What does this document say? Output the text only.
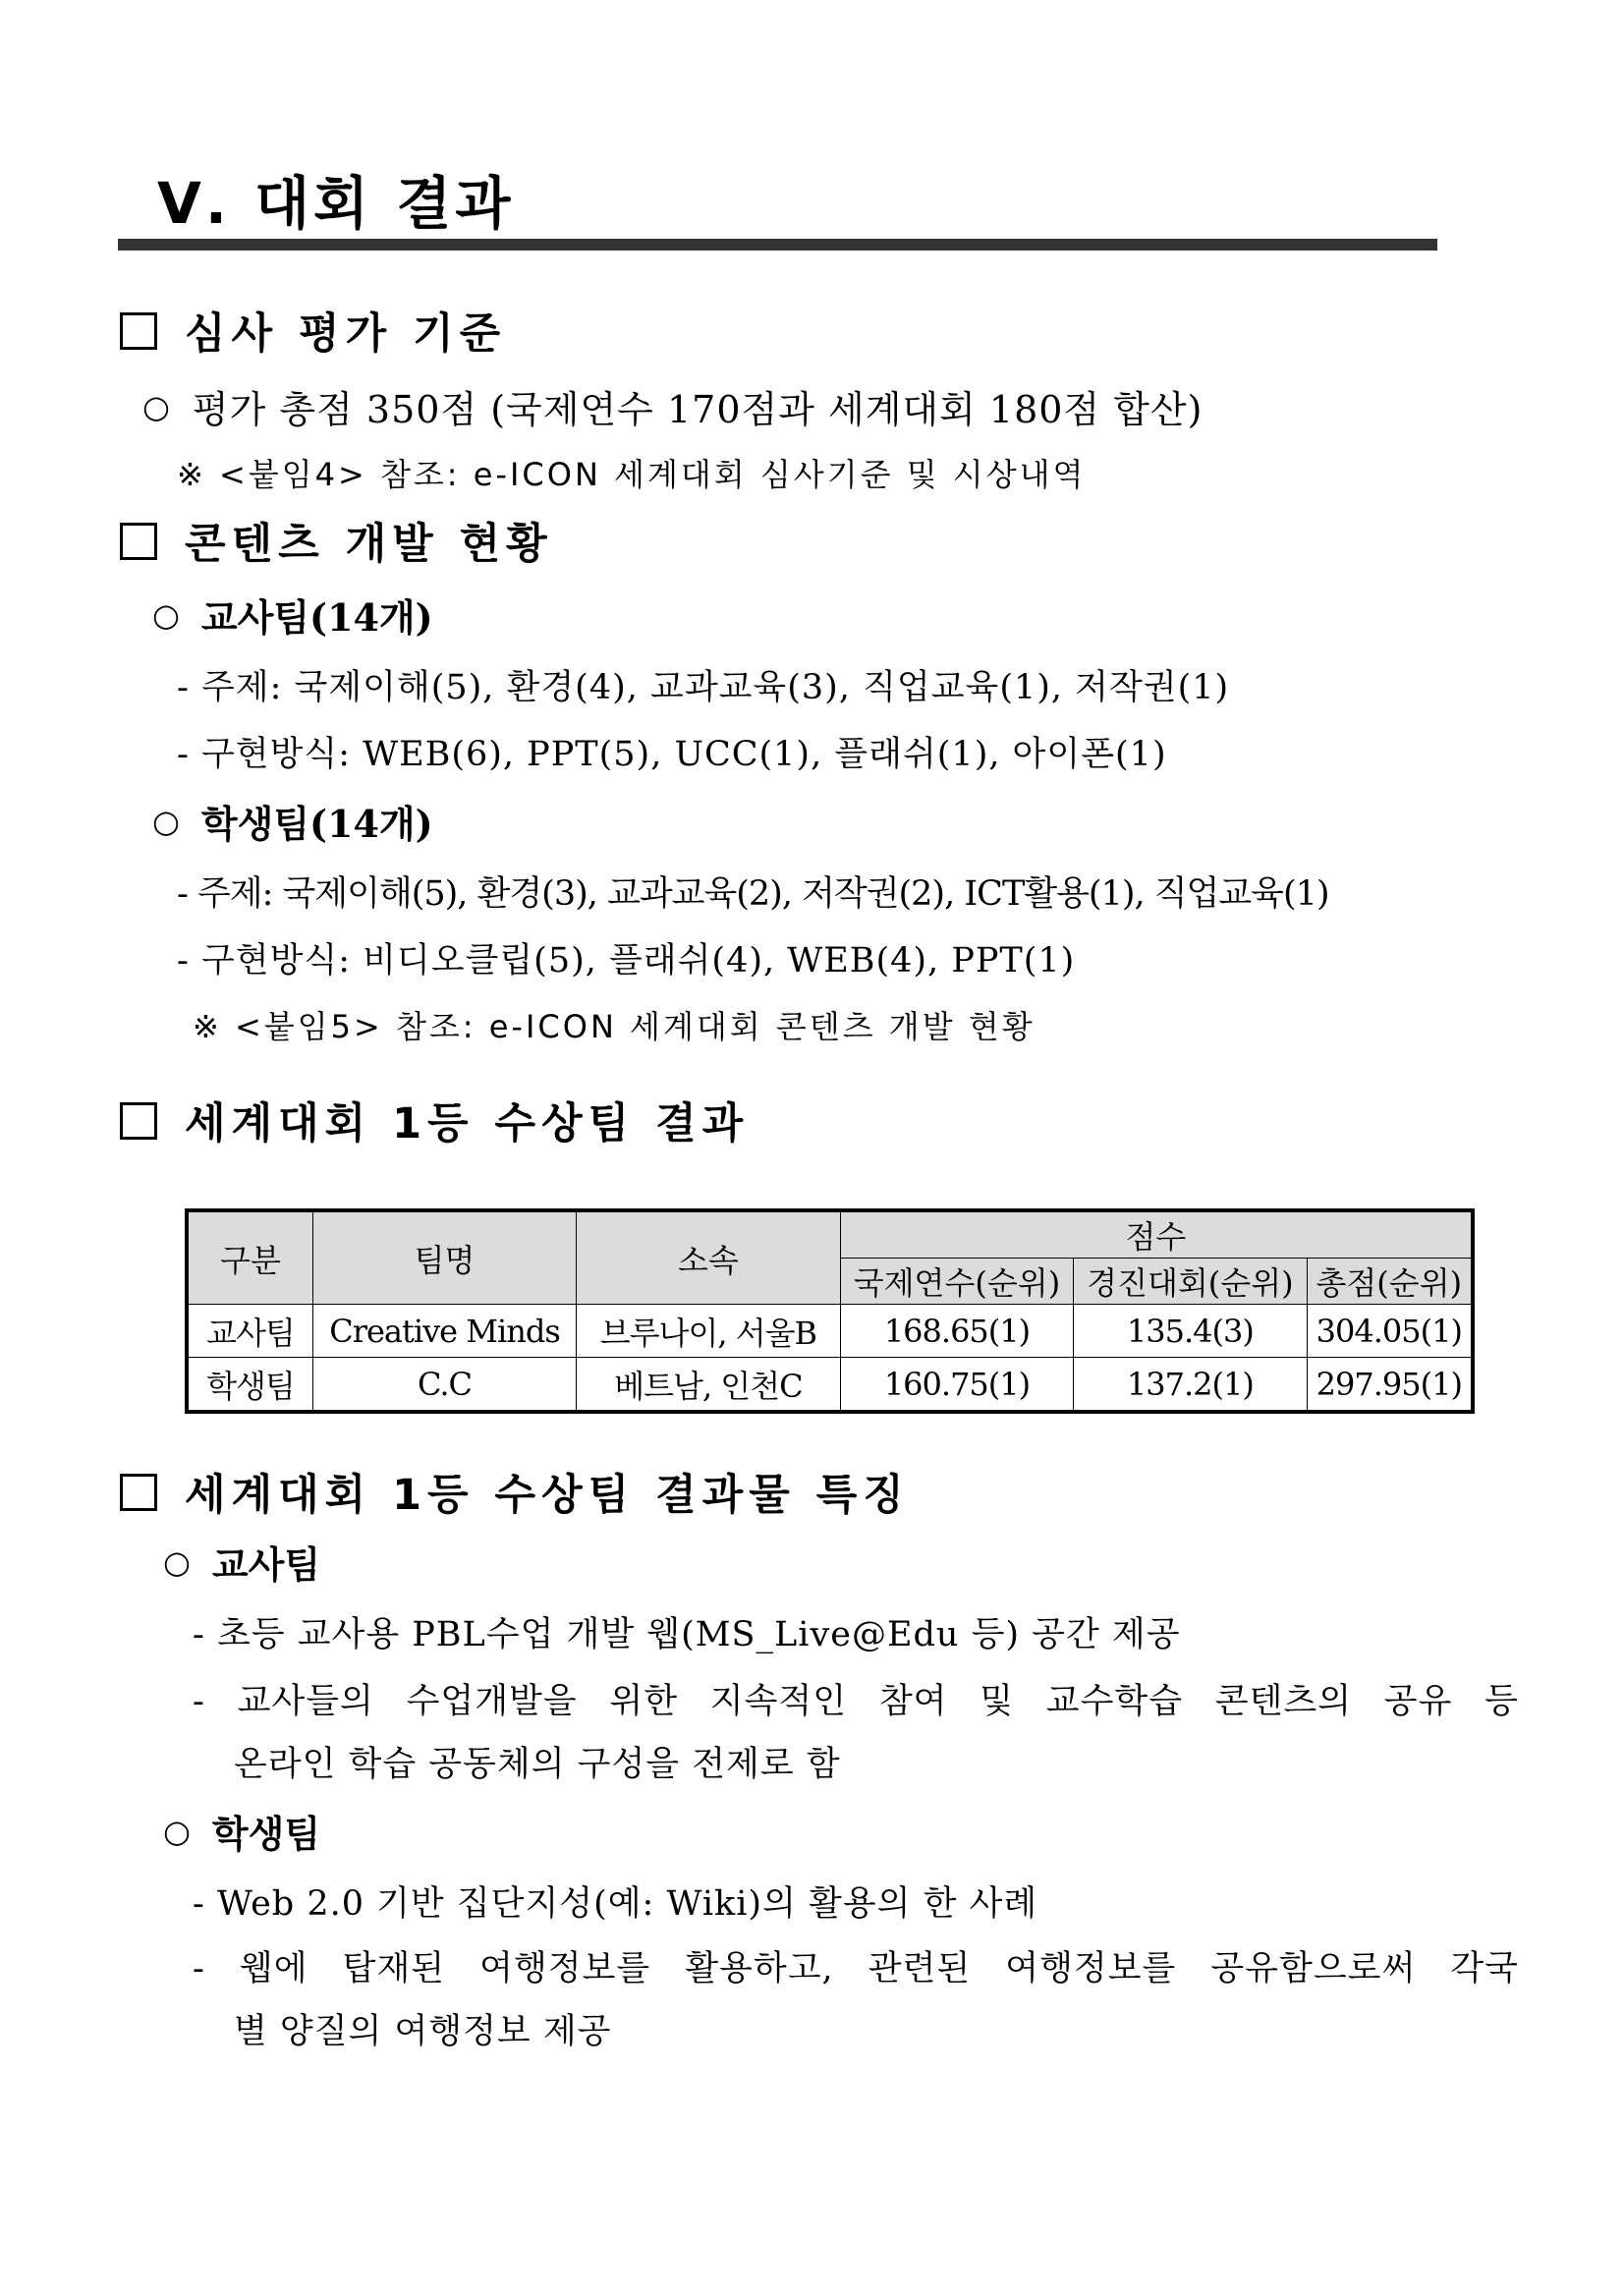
Ⅴ. 대회 결과
심사 평가 기준
○ 평가 총점 350점 (국제연수 170점과 세계대회 180점 합산)
※ <붙임4> 참조: e-ICON 세계대회 심사기준 및 시상내역
콘텐츠 개발 현황
○ 교사팀(14개)
- 주제: 국제이해(5), 환경(4), 교과교육(3), 직업교육(1), 저작권(1)
- 구현방식: WEB(6), PPT(5), UCC(1), 플래쉬(1), 아이폰(1)
○ 학생팀(14개)
- 주제: 국제이해(5), 환경(3), 교과교육(2), 저작권(2), ICT활용(1), 직업교육(1)
- 구현방식: 비디오클립(5), 플래쉬(4), WEB(4), PPT(1)
※ <붙임5> 참조: e-ICON 세계대회 콘텐츠 개발 현황
세계대회 1등 수상팀 결과
구분	팀명	소속	점수		
			국제연수(순위)	경진대회(순위)	총점(순위)
교사팀	Creative Minds	브루나이, 서울B	168.65(1)	135.4(3)	304.05(1)
학생팀	C.C	베트남, 인천C	160.75(1)	137.2(1)	297.95(1)
세계대회 1등 수상팀 결과물 특징
○ 교사팀
- 초등 교사용 PBL수업 개발 웹(MS_Live@Edu 등) 공간 제공
- 교사들의 수업개발을 위한 지속적인 참여 및 교수학습 콘텐츠의 공유 등
온라인 학습 공동체의 구성을 전제로 함
○ 학생팀
- Web 2.0 기반 집단지성(예: Wiki)의 활용의 한 사례
- 웹에 탑재된 여행정보를 활용하고, 관련된 여행정보를 공유함으로써 각국
별 양질의 여행정보 제공
